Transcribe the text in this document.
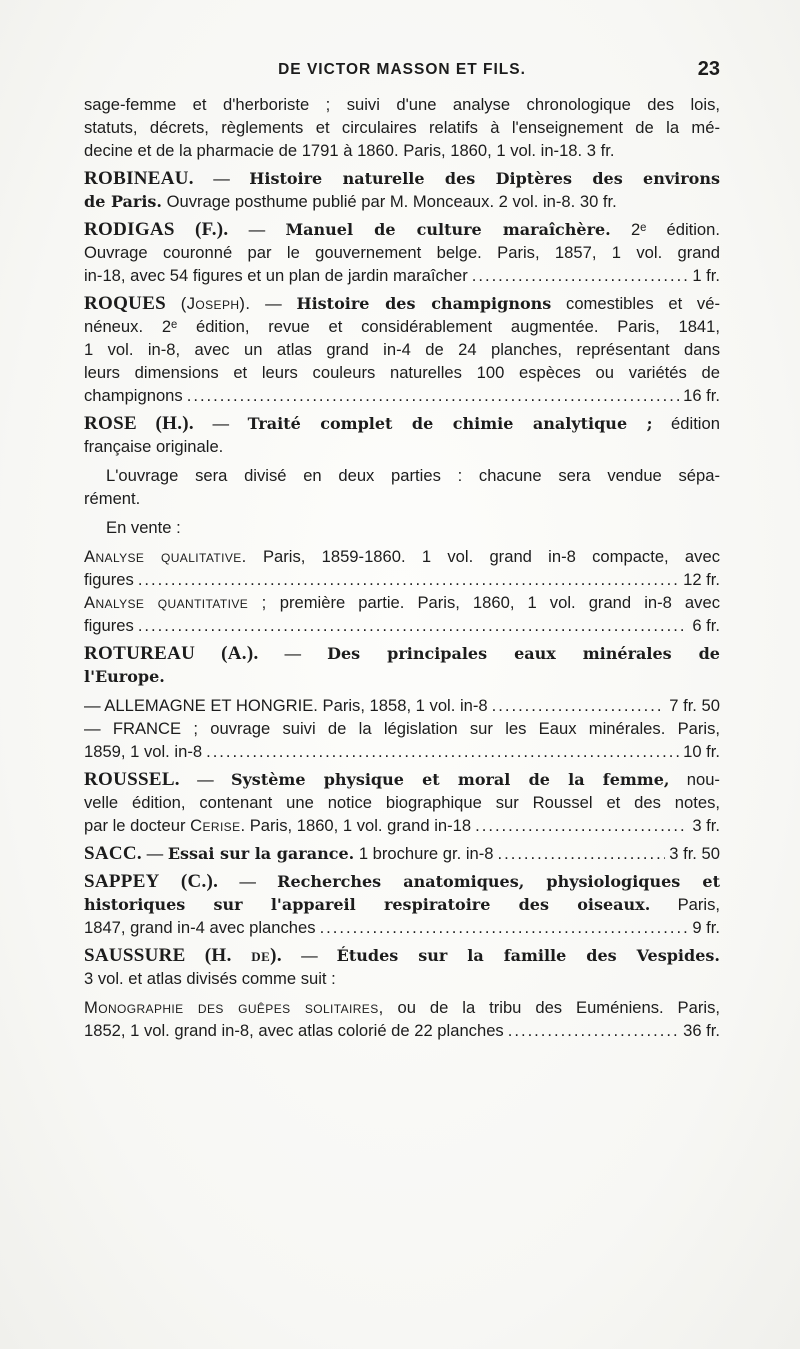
DE VICTOR MASSON ET FILS.	23
sage-femme et d'herboriste ; suivi d'une analyse chronologique des lois,
statuts, décrets, règlements et circulaires relatifs à l'enseignement de la mé-
decine et de la pharmacie de 1791 à 1860. Paris, 1860, 1 vol. in-18. 3 fr.
ROBINEAU. — Histoire naturelle des Diptères des environs
de Paris. Ouvrage posthume publié par M. Monceaux. 2 vol. in-8. 30 fr.
RODIGAS (F.). — Manuel de culture maraîchère. 2ᵉ édition.
Ouvrage couronné par le gouvernement belge. Paris, 1857, 1 vol. grand
in-18, avec 54 figures et un plan de jardin maraîcher .....	1 fr.
ROQUES (Joseph). — Histoire des champignons comestibles et vé-
néneux. 2ᵉ édition, revue et considérablement augmentée. Paris, 1841,
1 vol. in-8, avec un atlas grand in-4 de 24 planches, représentant dans
leurs dimensions et leurs couleurs naturelles 100 espèces ou variétés de
champignons .....	16 fr.
ROSE (H.). — Traité complet de chimie analytique ; édition
française originale.
L'ouvrage sera divisé en deux parties : chacune sera vendue sépa-
rément.
En vente :
Analyse qualitative. Paris, 1859-1860. 1 vol. grand in-8 compacte, avec
figures .....	12 fr.
Analyse quantitative ; première partie. Paris, 1860, 1 vol. grand in-8 avec
figures .....	6 fr.
ROTUREAU (A.). — Des principales eaux minérales de
l'Europe.
— ALLEMAGNE ET HONGRIE. Paris, 1858, 1 vol. in-8 .....	7 fr. 50
— FRANCE ; ouvrage suivi de la législation sur les Eaux minérales. Paris,
1859, 1 vol. in-8 .....	10 fr.
ROUSSEL. — Système physique et moral de la femme, nou-
velle édition, contenant une notice biographique sur Roussel et des notes,
par le docteur Cerise. Paris, 1860, 1 vol. grand in-18 .....	3 fr.
SACC. — Essai sur la garance. 1 brochure gr. in-8 .....	3 fr. 50
SAPPEY (C.). — Recherches anatomiques, physiologiques et
historiques sur l'appareil respiratoire des oiseaux. Paris,
1847, grand in-4 avec planches .....	9 fr.
SAUSSURE (H. de). — Études sur la famille des Vespides.
3 vol. et atlas divisés comme suit :
Monographie des guêpes solitaires, ou de la tribu des Euméniens. Paris,
1852, 1 vol. grand in-8, avec atlas colorié de 22 planches .....	36 fr.
